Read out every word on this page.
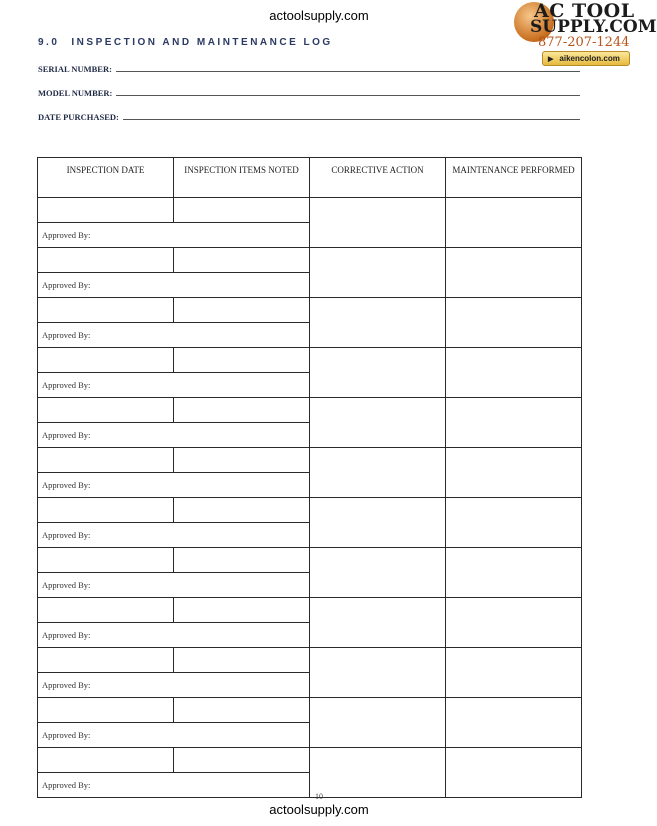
actoolsupply.com	AC TOOL
SUPPLY.COM
877-207-1244
▶ aikencolon.com
9.0 INSPECTION AND MAINTENANCE LOG
SERIAL NUMBER:
MODEL NUMBER:
DATE PURCHASED:
INSPECTION DATE	INSPECTION ITEMS NOTED	CORRECTIVE ACTION	MAINTENANCE PERFORMED

Approved By:			

Approved By:			

Approved By:			

Approved By:			

Approved By:			

Approved By:			

Approved By:			

Approved By:			

Approved By:			

Approved By:			

Approved By:			

Approved By:			
10
actoolsupply.com
